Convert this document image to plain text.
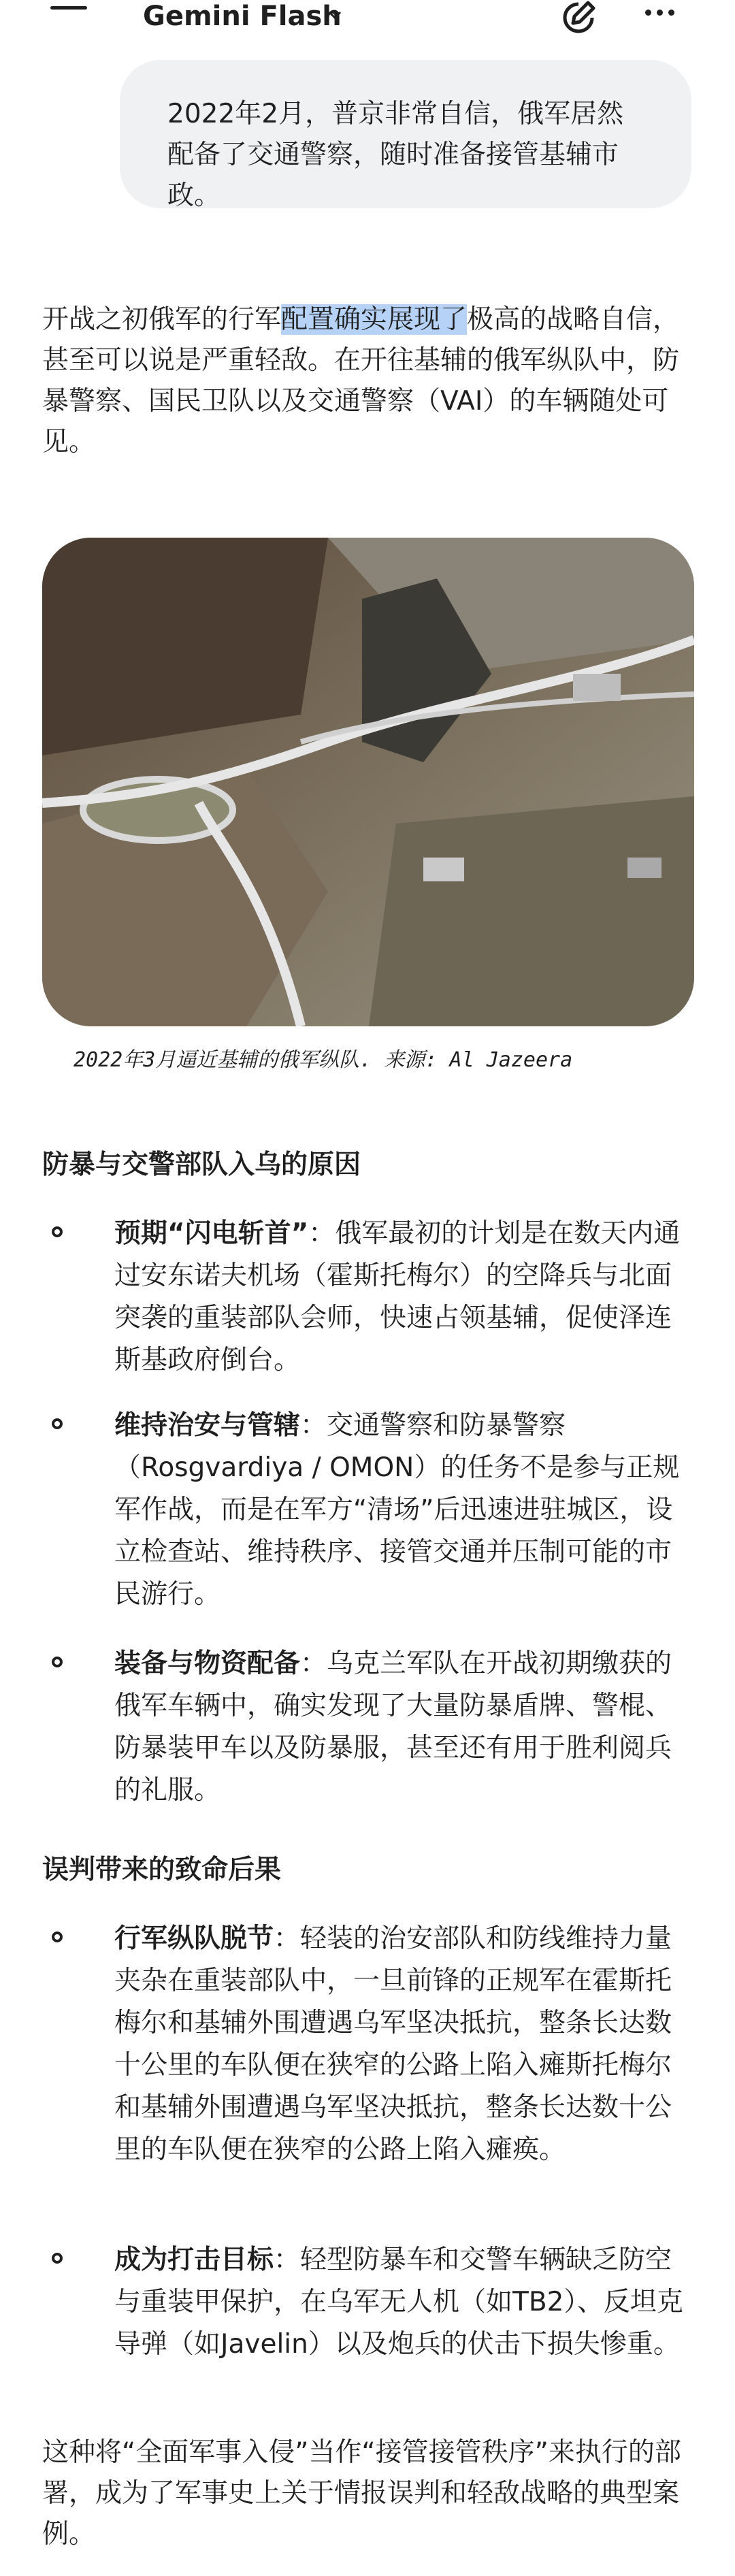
Gemini Flash
2022年2月，普京非常自信，俄军居然配备了交通警察，随时准备接管基辅市政。
开战之初俄军的行军配置确实展现了极高的战略自信，甚至可以说是严重轻敌。在开往基辅的俄军纵队中，防暴警察、国民卫队以及交通警察（VAI）的车辆随处可见。
2022年3月逼近基辅的俄军纵队. 来源: Al Jazeera
防暴与交警部队入乌的原因
预期“闪电斩首”：俄军最初的计划是在数天内通过安东诺夫机场（霍斯托梅尔）的空降兵与北面突袭的重装部队会师，快速占领基辅，促使泽连斯基政府倒台。
维持治安与管辖：交通警察和防暴警察（Rosgvardiya / OMON）的任务不是参与正规军作战，而是在军方“清场”后迅速进驻城区，设立检查站、维持秩序、接管交通并压制可能的市民游行。
装备与物资配备：乌克兰军队在开战初期缴获的俄军车辆中，确实发现了大量防暴盾牌、警棍、防暴装甲车以及防暴服，甚至还有用于胜利阅兵的礼服。
误判带来的致命后果
行军纵队脱节：轻装的治安部队和防线维持力量夹杂在重装部队中，一旦前锋的正规军在霍斯托梅尔和基辅外围遭遇乌军坚决抵抗，整条长达数十公里的车队便在狭窄的公路上陷入瘫斯托梅尔和基辅外围遭遇乌军坚决抵抗，整条长达数十公里的车队便在狭窄的公路上陷入瘫痪。
成为打击目标：轻型防暴车和交警车辆缺乏防空与重装甲保护，在乌军无人机（如TB2）、反坦克导弹（如Javelin）以及炮兵的伏击下损失惨重。
这种将“全面军事入侵”当作“接管接管秩序”来执行的部署，成为了军事史上关于情报误判和轻敌战略的典型案例。
